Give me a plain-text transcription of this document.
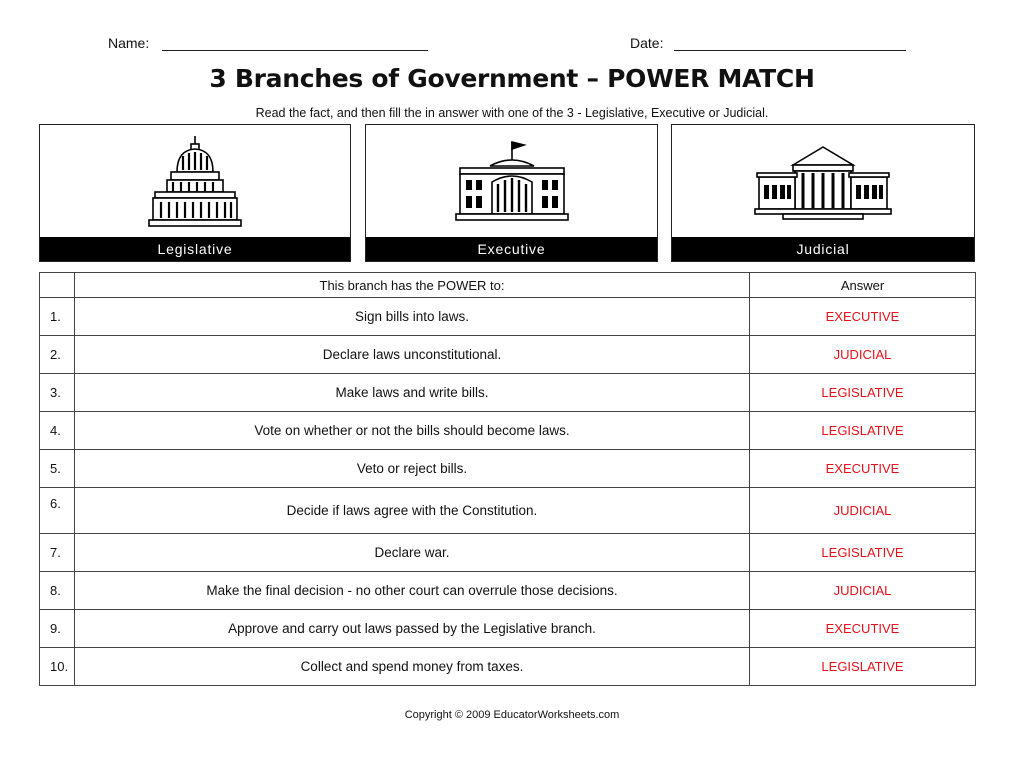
Name:	Date:
3 Branches of Government – POWER MATCH
Read the fact, and then fill the in answer with one of the 3 - Legislative, Executive or Judicial.
Legislative	Executive	Judicial
	This branch has the POWER to:	Answer
1.	Sign bills into laws.	EXECUTIVE
2.	Declare laws unconstitutional.	JUDICIAL
3.	Make laws and write bills.	LEGISLATIVE
4.	Vote on whether or not the bills should become laws.	LEGISLATIVE
5.	Veto or reject bills.	EXECUTIVE
6.	Decide if laws agree with the Constitution.	JUDICIAL
7.	Declare war.	LEGISLATIVE
8.	Make the final decision - no other court can overrule those decisions.	JUDICIAL
9.	Approve and carry out laws passed by the Legislative branch.	EXECUTIVE
10.	Collect and spend money from taxes.	LEGISLATIVE
Copyright © 2009 EducatorWorksheets.com
